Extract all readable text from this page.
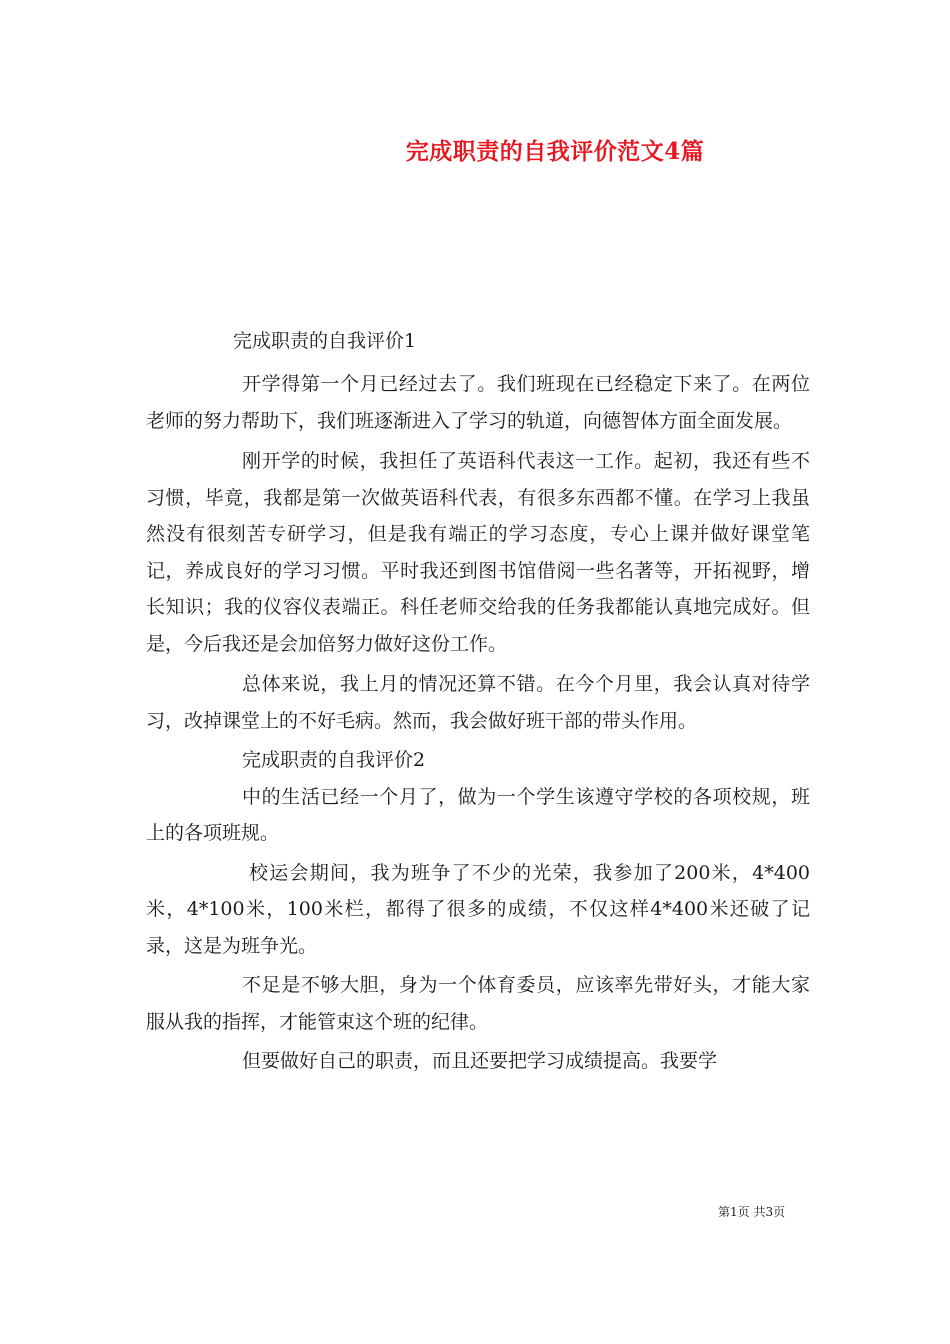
完成职责的自我评价范文4篇
完成职责的自我评价1

开学得第一个月已经过去了。我们班现在已经稳定下来了。在两位老师的努力帮助下，我们班逐渐进入了学习的轨道，向德智体方面全面发展。

刚开学的时候，我担任了英语科代表这一工作。起初，我还有些不习惯，毕竟，我都是第一次做英语科代表，有很多东西都不懂。在学习上我虽然没有很刻苦专研学习，但是我有端正的学习态度，专心上课并做好课堂笔记，养成良好的学习习惯。平时我还到图书馆借阅一些名著等，开拓视野，增长知识；我的仪容仪表端正。科任老师交给我的任务我都能认真地完成好。但是，今后我还是会加倍努力做好这份工作。

总体来说，我上月的情况还算不错。在今个月里，我会认真对待学习，改掉课堂上的不好毛病。然而，我会做好班干部的带头作用。

完成职责的自我评价2

中的生活已经一个月了，做为一个学生该遵守学校的各项校规，班上的各项班规。

校运会期间，我为班争了不少的光荣，我参加了200米，4*400米，4*100米，100米栏，都得了很多的成绩，不仅这样4*400米还破了记录，这是为班争光。

不足是不够大胆，身为一个体育委员，应该率先带好头，才能大家服从我的指挥，才能管束这个班的纪律。

但要做好自己的职责，而且还要把学习成绩提高。我要学

第1页 共3页
